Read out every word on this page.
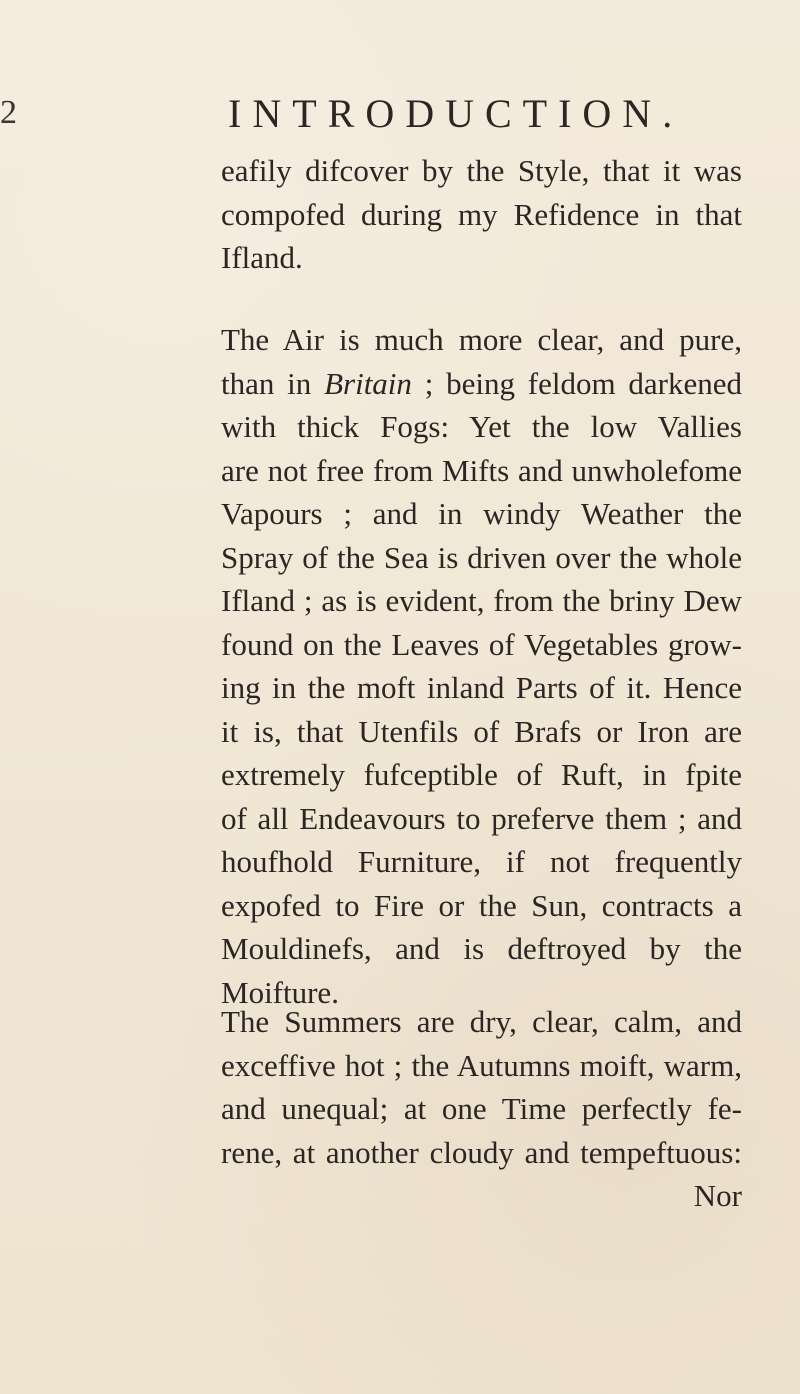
2	INTRODUCTION.
eafily difcover by the Style, that it was
compofed during my Refidence in that
Ifland.
The Air is much more clear, and pure,
than in Britain ; being feldom darkened
with thick Fogs: Yet the low Vallies
are not free from Mifts and unwholefome
Vapours ; and in windy Weather the
Spray of the Sea is driven over the whole
Ifland ; as is evident, from the briny Dew
found on the Leaves of Vegetables grow-
ing in the moft inland Parts of it. Hence
it is, that Utenfils of Brafs or Iron are
extremely fufceptible of Ruft, in fpite
of all Endeavours to preferve them ; and
houfhold Furniture, if not frequently
expofed to Fire or the Sun, contracts a
Mouldinefs, and is deftroyed by the
Moifture.
The Summers are dry, clear, calm, and
exceffive hot ; the Autumns moift, warm,
and unequal; at one Time perfectly fe-
rene, at another cloudy and tempeftuous:
Nor
